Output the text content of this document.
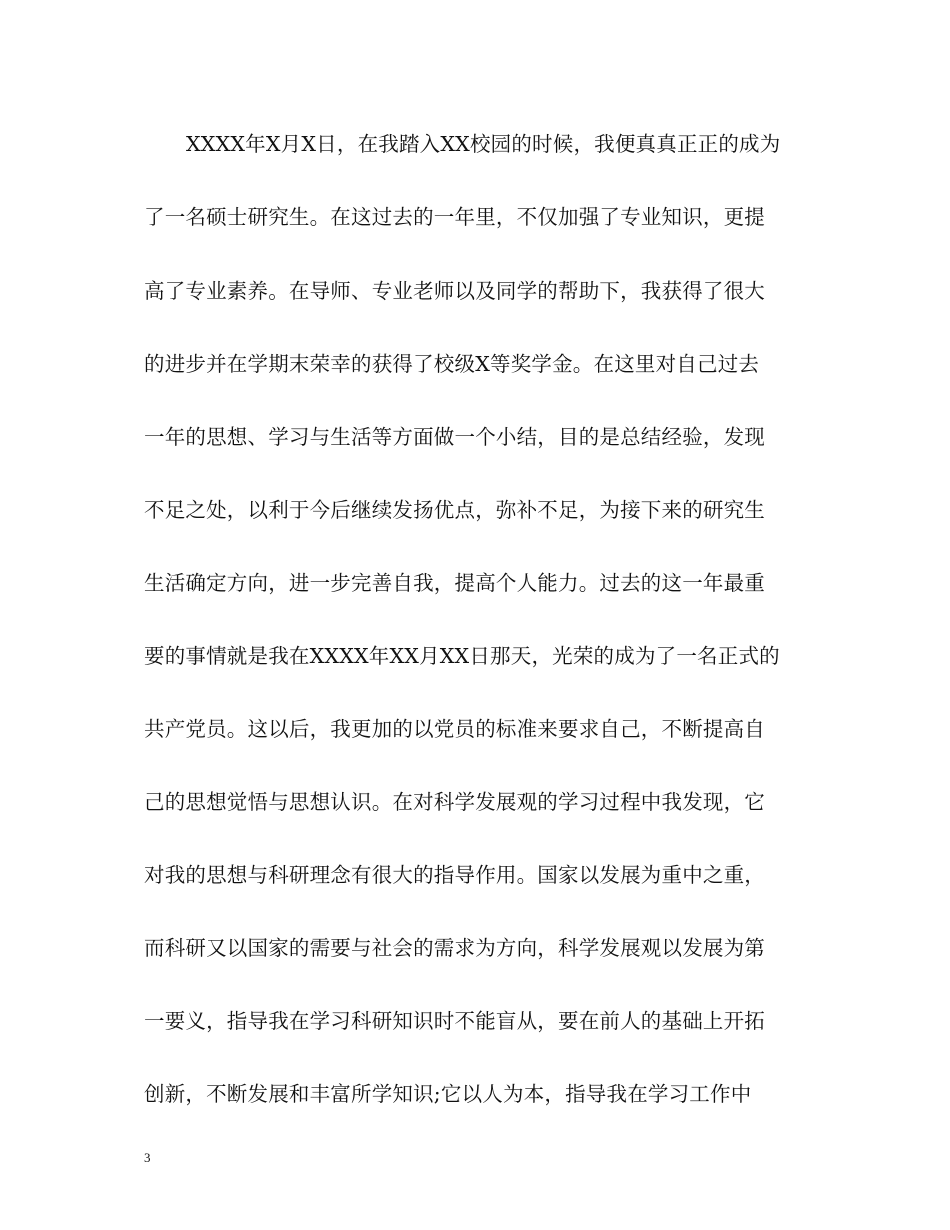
XXXX年X月X日，在我踏入XX校园的时候，我便真真正正的成为
了一名硕士研究生。在这过去的一年里，不仅加强了专业知识，更提
高了专业素养。在导师、专业老师以及同学的帮助下，我获得了很大
的进步并在学期末荣幸的获得了校级X等奖学金。在这里对自己过去
一年的思想、学习与生活等方面做一个小结，目的是总结经验，发现
不足之处，以利于今后继续发扬优点，弥补不足，为接下来的研究生
生活确定方向，进一步完善自我，提高个人能力。过去的这一年最重
要的事情就是我在XXXX年XX月XX日那天，光荣的成为了一名正式的
共产党员。这以后，我更加的以党员的标准来要求自己，不断提高自
己的思想觉悟与思想认识。在对科学发展观的学习过程中我发现，它
对我的思想与科研理念有很大的指导作用。国家以发展为重中之重，
而科研又以国家的需要与社会的需求为方向，科学发展观以发展为第
一要义，指导我在学习科研知识时不能盲从，要在前人的基础上开拓
创新，不断发展和丰富所学知识;它以人为本，指导我在学习工作中
3
